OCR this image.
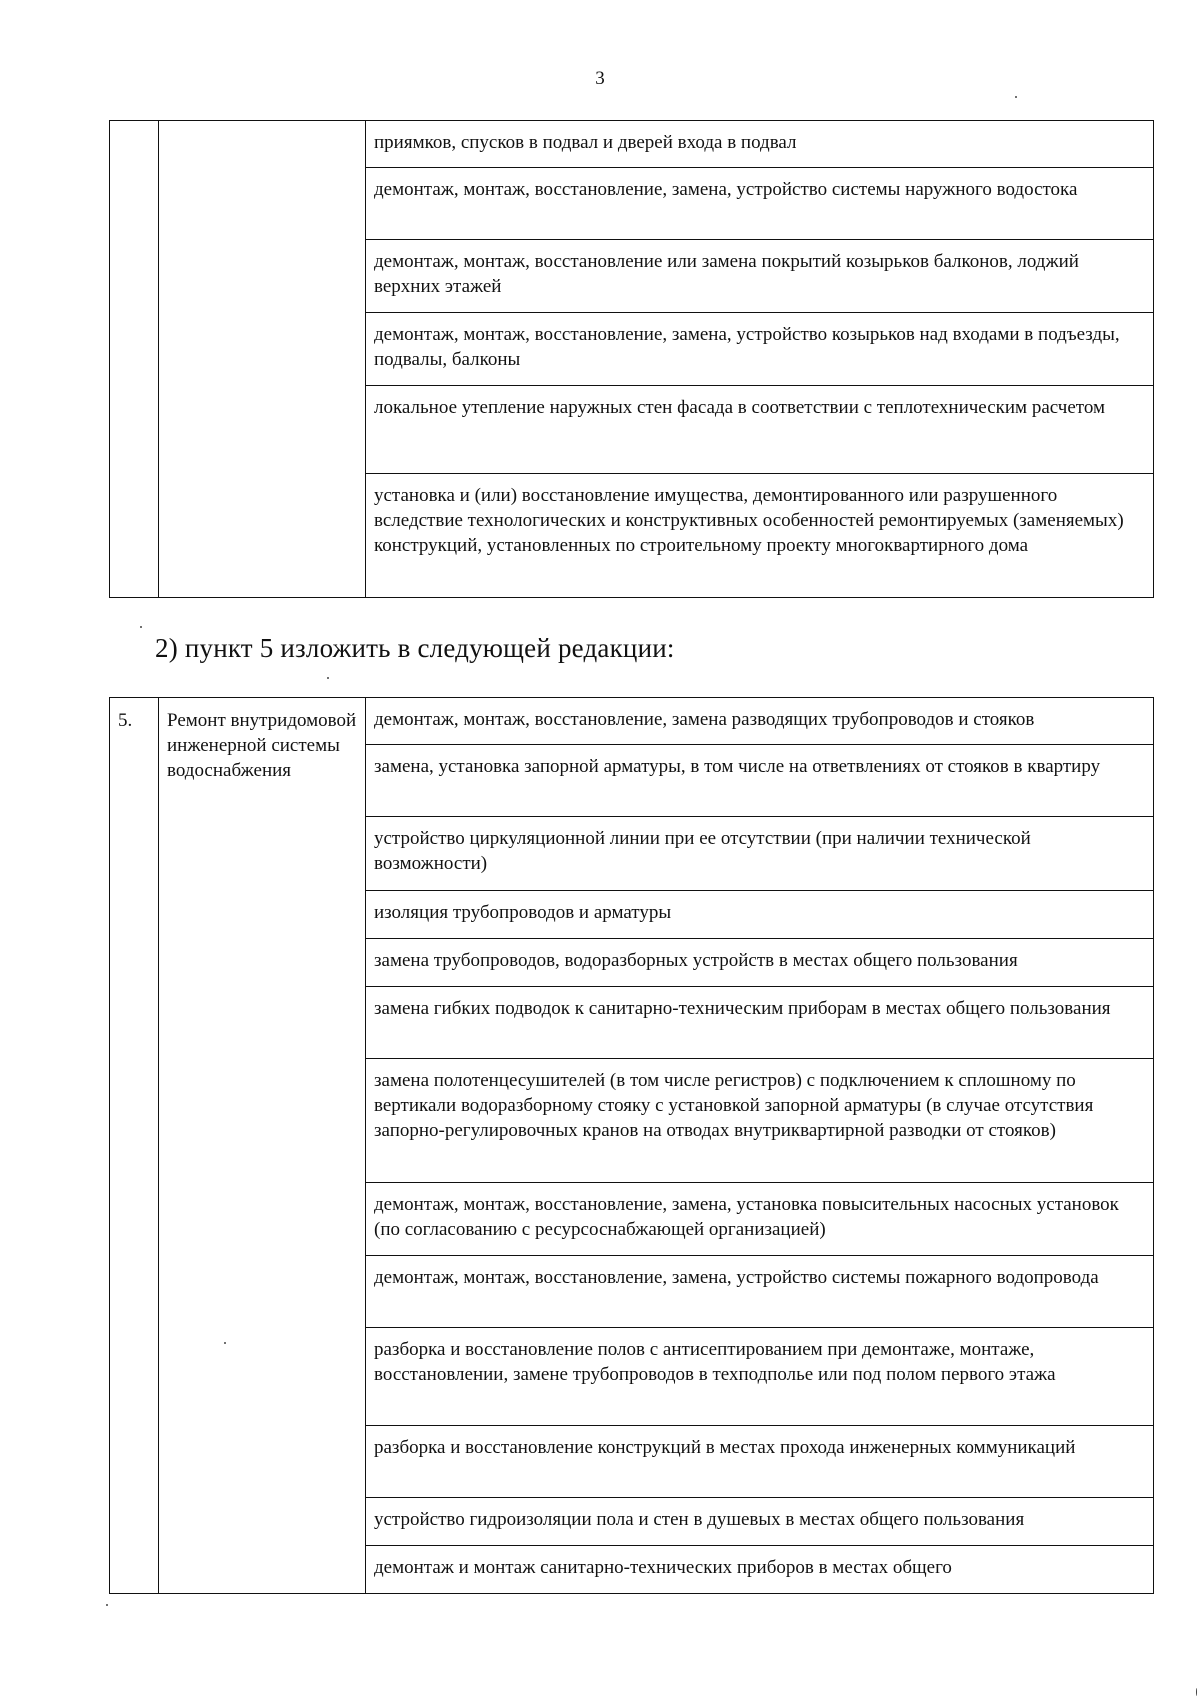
3
		приямков, спусков в подвал и дверей входа в подвал
демонтаж, монтаж, восстановление, замена, устройство системы наружного водостока
демонтаж, монтаж, восстановление или замена покрытий козырьков балконов, лоджий верхних этажей
демонтаж, монтаж, восстановление, замена, устройство козырьков над входами в подъезды, подвалы, балконы
локальное утепление наружных стен фасада в соответствии с теплотехническим расчетом
установка и (или) восстановление имущества, демонтированного или разрушенного вследствие технологических и конструктивных особенностей ремонтируемых (заменяемых) конструкций, установленных по строительному проекту многоквартирного дома
2) пункт 5 изложить в следующей редакции:
5.	Ремонт внутридомовой инженерной системы водоснабжения
	демонтаж, монтаж, восстановление, замена разводящих трубопроводов и стояков
замена, установка запорной арматуры, в том числе на ответвлениях от стояков в квартиру
устройство циркуляционной линии при ее отсутствии (при наличии технической возможности)
изоляция трубопроводов и арматуры
замена трубопроводов, водоразборных устройств в местах общего пользования
замена гибких подводок к санитарно-техническим приборам в местах общего пользования
замена полотенцесушителей (в том числе регистров) с подключением к сплошному по вертикали водоразборному стояку с установкой запорной арматуры (в случае отсутствия запорно-регулировочных кранов на отводах внутриквартирной разводки от стояков)
демонтаж, монтаж, восстановление, замена, установка повысительных насосных установок (по согласованию с ресурсоснабжающей организацией)
демонтаж, монтаж, восстановление, замена, устройство системы пожарного водопровода
разборка и восстановление полов с антисептированием при демонтаже, монтаже, восстановлении, замене трубопроводов в техподполье или под полом первого этажа
разборка и восстановление конструкций в местах прохода инженерных коммуникаций
устройство гидроизоляции пола и стен в душевых в местах общего пользования
демонтаж и монтаж санитарно-технических приборов в местах общего
